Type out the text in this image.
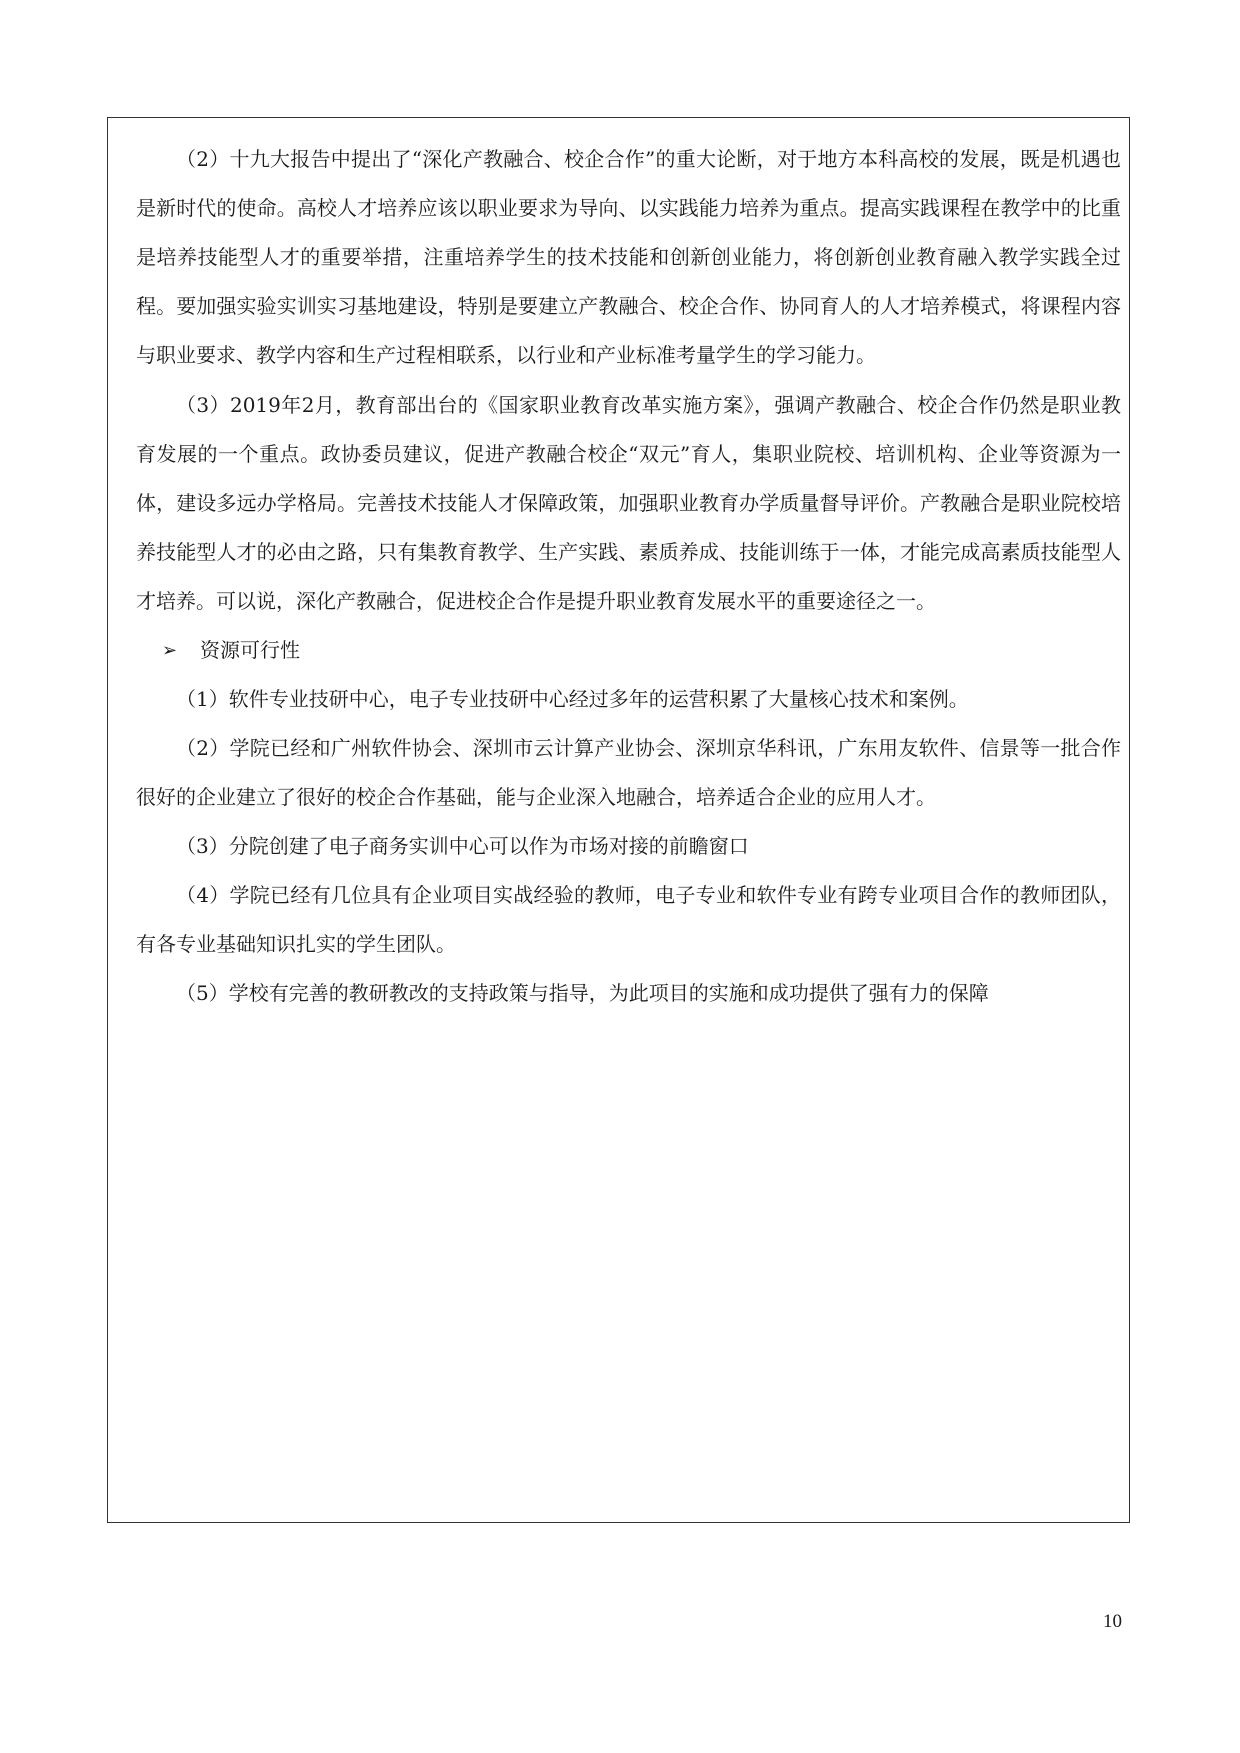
（2）十九大报告中提出了“深化产教融合、校企合作”的重大论断，对于地方本科高校的发展，既是机遇也是新时代的使命。高校人才培养应该以职业要求为导向、以实践能力培养为重点。提高实践课程在教学中的比重是培养技能型人才的重要举措，注重培养学生的技术技能和创新创业能力，将创新创业教育融入教学实践全过程。要加强实验实训实习基地建设，特别是要建立产教融合、校企合作、协同育人的人才培养模式，将课程内容与职业要求、教学内容和生产过程相联系，以行业和产业标准考量学生的学习能力。

（3）2019年2月，教育部出台的《国家职业教育改革实施方案》，强调产教融合、校企合作仍然是职业教育发展的一个重点。政协委员建议，促进产教融合校企“双元”育人，集职业院校、培训机构、企业等资源为一体，建设多远办学格局。完善技术技能人才保障政策，加强职业教育办学质量督导评价。产教融合是职业院校培养技能型人才的必由之路，只有集教育教学、生产实践、素质养成、技能训练于一体，才能完成高素质技能型人才培养。可以说，深化产教融合，促进校企合作是提升职业教育发展水平的重要途径之一。

➢	资源可行性

（1）软件专业技研中心，电子专业技研中心经过多年的运营积累了大量核心技术和案例。

（2）学院已经和广州软件协会、深圳市云计算产业协会、深圳京华科讯，广东用友软件、信景等一批合作很好的企业建立了很好的校企合作基础，能与企业深入地融合，培养适合企业的应用人才。

（3）分院创建了电子商务实训中心可以作为市场对接的前瞻窗口

（4）学院已经有几位具有企业项目实战经验的教师，电子专业和软件专业有跨专业项目合作的教师团队，有各专业基础知识扎实的学生团队。

（5）学校有完善的教研教改的支持政策与指导，为此项目的实施和成功提供了强有力的保障

10
